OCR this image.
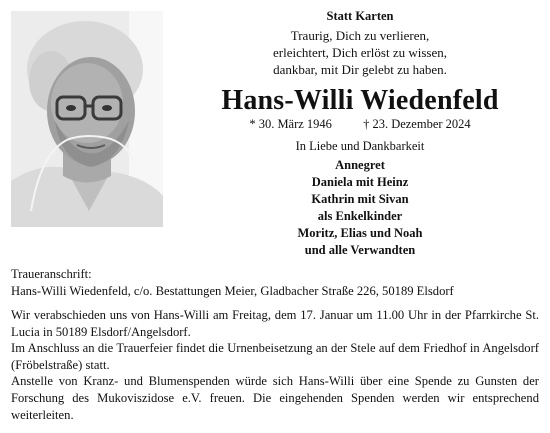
Statt Karten
Traurig, Dich zu verlieren,
erleichtert, Dich erlöst zu wissen,
dankbar, mit Dir gelebt zu haben.
Hans-Willi Wiedenfeld
* 30. März 1946 † 23. Dezember 2024
In Liebe und Dankbarkeit
Annegret
Daniela mit Heinz
Kathrin mit Sivan
als Enkelkinder
Moritz, Elias und Noah
und alle Verwandten
Traueranschrift:
Hans-Willi Wiedenfeld, c/o. Bestattungen Meier, Gladbacher Straße 226, 50189 Elsdorf

Wir verabschieden uns von Hans-Willi am Freitag, dem 17. Januar um 11.00 Uhr in der Pfarrkirche St. Lucia in 50189 Elsdorf/Angelsdorf.

Im Anschluss an die Trauerfeier findet die Urnenbeisetzung an der Stele auf dem Friedhof in Angelsdorf (Fröbelstraße) statt.

Anstelle von Kranz- und Blumenspenden würde sich Hans-Willi über eine Spende zu Gunsten der Forschung des Mukoviszidose e.V. freuen. Die eingehenden Spenden werden wir entsprechend weiterleiten.
